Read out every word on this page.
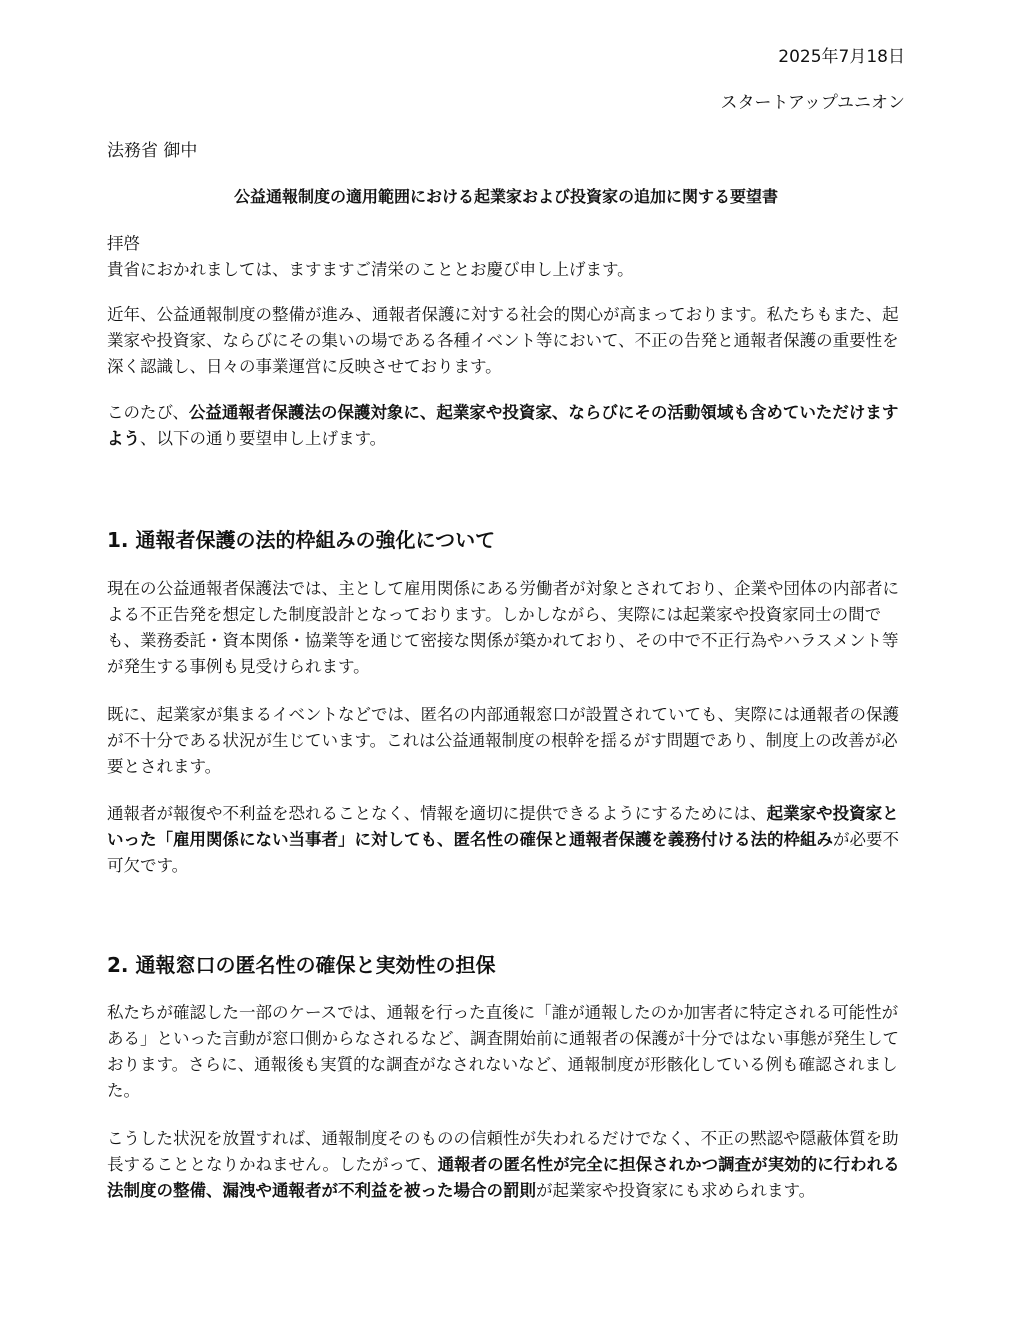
2025年7月18日
スタートアップユニオン
法務省 御中
公益通報制度の適用範囲における起業家および投資家の追加に関する要望書
拝啓
貴省におかれましては、ますますご清栄のこととお慶び申し上げます。

近年、公益通報制度の整備が進み、通報者保護に対する社会的関心が高まっております。私たちもまた、起業家や投資家、ならびにその集いの場である各種イベント等において、不正の告発と通報者保護の重要性を深く認識し、日々の事業運営に反映させております。

このたび、公益通報者保護法の保護対象に、起業家や投資家、ならびにその活動領域も含めていただけますよう、以下の通り要望申し上げます。

1. 通報者保護の法的枠組みの強化について

現在の公益通報者保護法では、主として雇用関係にある労働者が対象とされており、企業や団体の内部者による不正告発を想定した制度設計となっております。しかしながら、実際には起業家や投資家同士の間でも、業務委託・資本関係・協業等を通じて密接な関係が築かれており、その中で不正行為やハラスメント等が発生する事例も見受けられます。

既に、起業家が集まるイベントなどでは、匿名の内部通報窓口が設置されていても、実際には通報者の保護が不十分である状況が生じています。これは公益通報制度の根幹を揺るがす問題であり、制度上の改善が必要とされます。

通報者が報復や不利益を恐れることなく、情報を適切に提供できるようにするためには、起業家や投資家といった「雇用関係にない当事者」に対しても、匿名性の確保と通報者保護を義務付ける法的枠組みが必要不可欠です。

2. 通報窓口の匿名性の確保と実効性の担保

私たちが確認した一部のケースでは、通報を行った直後に「誰が通報したのか加害者に特定される可能性がある」といった言動が窓口側からなされるなど、調査開始前に通報者の保護が十分ではない事態が発生しております。さらに、通報後も実質的な調査がなされないなど、通報制度が形骸化している例も確認されました。

こうした状況を放置すれば、通報制度そのものの信頼性が失われるだけでなく、不正の黙認や隠蔽体質を助長することとなりかねません。したがって、通報者の匿名性が完全に担保されかつ調査が実効的に行われる法制度の整備、漏洩や通報者が不利益を被った場合の罰則が起業家や投資家にも求められます。
